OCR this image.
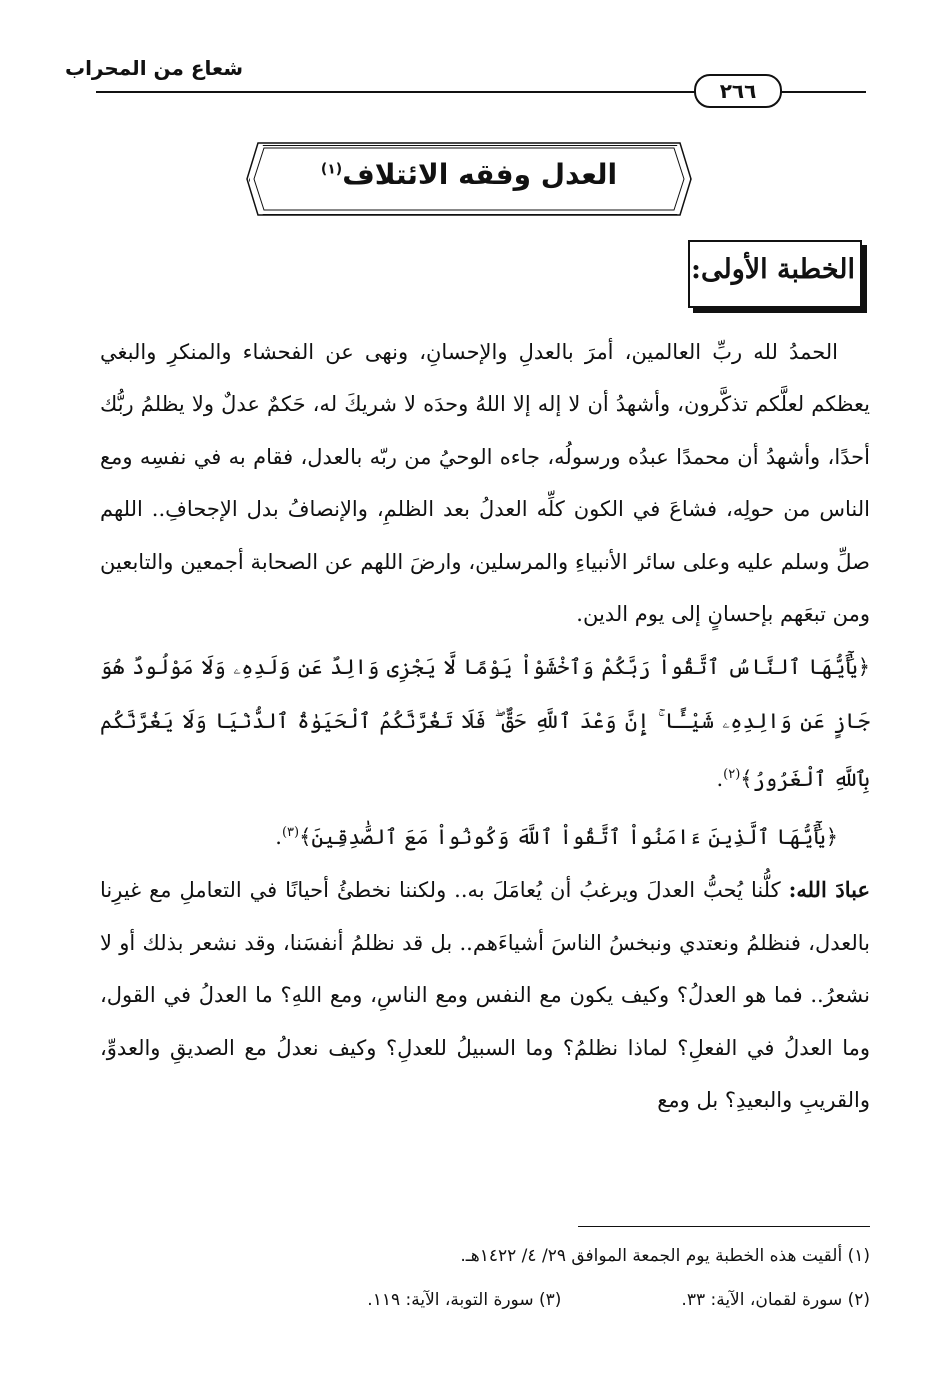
شعاع من المحراب
٢٦٦
العدل وفقه الائتلاف$^{(١)}$
الخطبة الأولى:

الحمدُ لله ربِّ العالمين، أمرَ بالعدلِ والإحسانِ، ونهى عن الفحشاء والمنكرِ والبغي يعظكم لعلَّكم تذكَّرون، وأشهدُ أن لا إله إلا اللهُ وحدَه لا شريكَ له، حَكمٌ عدلٌ ولا يظلمُ ربُّك أحدًا، وأشهدُ أن محمدًا عبدُه ورسولُه، جاءه الوحيُ من ربّه بالعدل، فقام به في نفسِه ومع الناس من حولِه، فشاعَ في الكون كلِّه العدلُ بعد الظلمِ، والإنصافُ بدل الإجحافِ.. اللهم صلِّ وسلم عليه وعلى سائر الأنبياءِ والمرسلين، وارضَ اللهم عن الصحابة أجمعين والتابعين ومن تبعَهم بإحسانٍ إلى يوم الدين.

﴿يَٰٓأَيُّهَا ٱلنَّاسُ ٱتَّقُواْ رَبَّكُمْ وَٱخْشَوْاْ يَوْمًا لَّا يَجْزِى وَالِدٌ عَن وَلَدِهِۦ وَلَا مَوْلُودٌ هُوَ جَازٍ عَن وَالِدِهِۦ شَيْـًٔا ۚ إِنَّ وَعْدَ ٱللَّهِ حَقٌّ ۖ فَلَا تَغُرَّنَّكُمُ ٱلْحَيَوٰةُ ٱلدُّنْيَا وَلَا يَغُرَّنَّكُم بِٱللَّهِ ٱلْغَرُورُ﴾$^{(٢)}$.

﴿يَٰٓأَيُّهَا ٱلَّذِينَ ءَامَنُواْ ٱتَّقُواْ ٱللَّهَ وَكُونُواْ مَعَ ٱلصَّٰدِقِينَ﴾$^{(٣)}$.

عبادَ الله: كلُّنا يُحبُّ العدلَ ويرغبُ أن يُعامَلَ به.. ولكننا نخطئُ أحيانًا في التعاملِ مع غيرِنا بالعدل، فنظلمُ ونعتدي ونبخسُ الناسَ أشياءَهم.. بل قد نظلمُ أنفسَنا، وقد نشعر بذلك أو لا نشعرُ.. فما هو العدلُ؟ وكيف يكون مع النفس ومع الناسِ، ومع اللهِ؟ ما العدلُ في القول، وما العدلُ في الفعلِ؟ لماذا نظلمُ؟ وما السبيلُ للعدلِ؟ وكيف نعدلُ مع الصديقِ والعدوِّ، والقريبِ والبعيدِ؟ بل ومع

(١) ألقيت هذه الخطبة يوم الجمعة الموافق ٢٩/ ٤/ ١٤٢٢هـ.
(٢) سورة لقمان، الآية: ٣٣.(٣) سورة التوبة، الآية: ١١٩.
